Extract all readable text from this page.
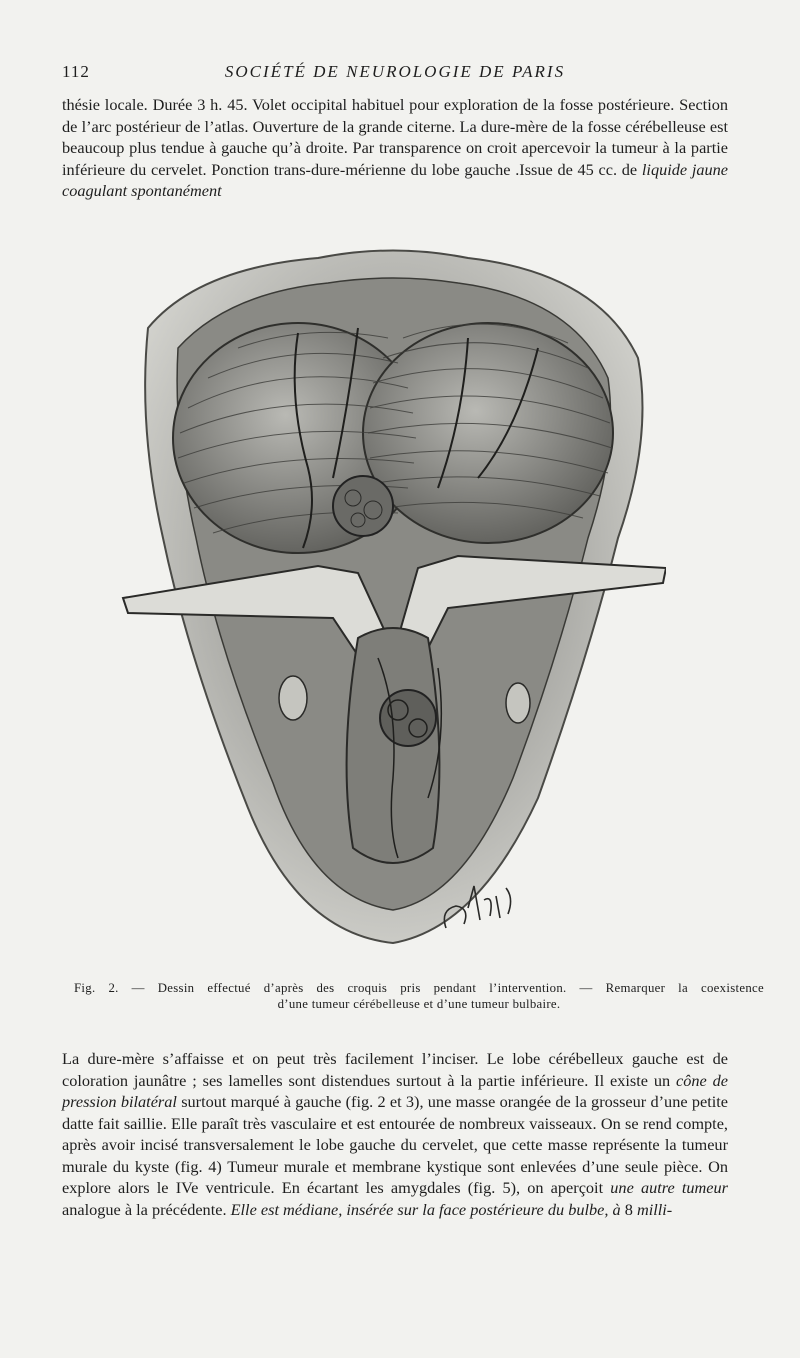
112	SOCIÉTÉ DE NEUROLOGIE DE PARIS

thésie locale. Durée 3 h. 45. Volet occipital habituel pour exploration de la fosse postérieure. Section de l’arc postérieur de l’atlas. Ouverture de la grande citerne. La dure-mère de la fosse cérébelleuse est beaucoup plus tendue à gauche qu’à droite. Par transparence on croit apercevoir la tumeur à la partie inférieure du cervelet. Ponction trans-dure-mérienne du lobe gauche .Issue de 45 cc. de liquide jaune coagulant spontanément

Fig. 2. — Dessin effectué d’après des croquis pris pendant l’intervention. — Remarquer la coexistence
d’une tumeur cérébelleuse et d’une tumeur bulbaire.

La dure-mère s’affaisse et on peut très facilement l’inciser. Le lobe cérébelleux gauche est de coloration jaunâtre ; ses lamelles sont distendues surtout à la partie inférieure. Il existe un cône de pression bilatéral surtout marqué à gauche (fig. 2 et 3), une masse orangée de la grosseur d’une petite datte fait saillie. Elle paraît très vasculaire et est entourée de nombreux vaisseaux. On se rend compte, après avoir incisé transversalement le lobe gauche du cervelet, que cette masse représente la tumeur murale du kyste (fig. 4) Tumeur murale et membrane kystique sont enlevées d’une seule pièce. On explore alors le IVe ventricule. En écartant les amygdales (fig. 5), on aperçoit une autre tumeur analogue à la précédente. Elle est médiane, insérée sur la face postérieure du bulbe, à 8 milli-
